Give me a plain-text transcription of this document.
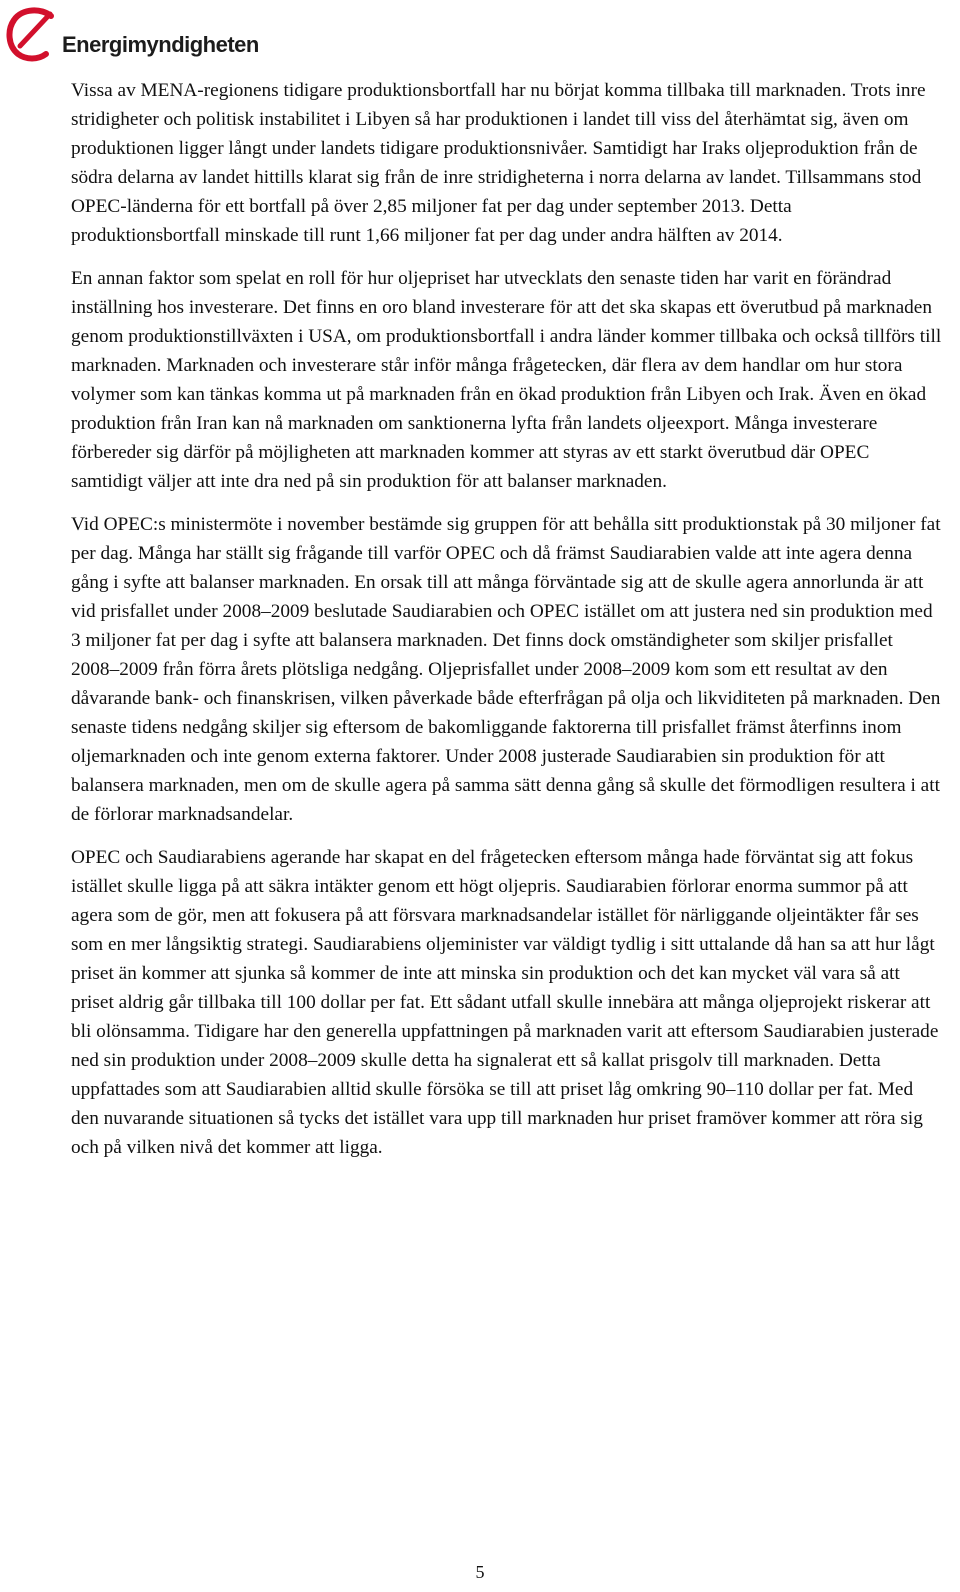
Energimyndigheten

Vissa av MENA-regionens tidigare produktionsbortfall har nu börjat komma tillbaka till marknaden. Trots inre stridigheter och politisk instabilitet i Libyen så har produktionen i landet till viss del återhämtat sig, även om produktionen ligger långt under landets tidigare produktionsnivåer. Samtidigt har Iraks oljeproduktion från de södra delarna av landet hittills klarat sig från de inre stridigheterna i norra delarna av landet. Tillsammans stod OPEC-länderna för ett bortfall på över 2,85 miljoner fat per dag under september 2013. Detta produktionsbortfall minskade till runt 1,66 miljoner fat per dag under andra hälften av 2014.

En annan faktor som spelat en roll för hur oljepriset har utvecklats den senaste tiden har varit en förändrad inställning hos investerare. Det finns en oro bland investerare för att det ska skapas ett överutbud på marknaden genom produktionstillväxten i USA, om produktionsbortfall i andra länder kommer tillbaka och också tillförs till marknaden. Marknaden och investerare står inför många frågetecken, där flera av dem handlar om hur stora volymer som kan tänkas komma ut på marknaden från en ökad produktion från Libyen och Irak. Även en ökad produktion från Iran kan nå marknaden om sanktionerna lyfta från landets oljeexport. Många investerare förbereder sig därför på möjligheten att marknaden kommer att styras av ett starkt överutbud där OPEC samtidigt väljer att inte dra ned på sin produktion för att balanser marknaden.

Vid OPEC:s ministermöte i november bestämde sig gruppen för att behålla sitt produktionstak på 30 miljoner fat per dag. Många har ställt sig frågande till varför OPEC och då främst Saudiarabien valde att inte agera denna gång i syfte att balanser marknaden. En orsak till att många förväntade sig att de skulle agera annorlunda är att vid prisfallet under 2008–2009 beslutade Saudiarabien och OPEC istället om att justera ned sin produktion med 3 miljoner fat per dag i syfte att balansera marknaden. Det finns dock omständigheter som skiljer prisfallet 2008–2009 från förra årets plötsliga nedgång. Oljeprisfallet under 2008–2009 kom som ett resultat av den dåvarande bank- och finanskrisen, vilken påverkade både efterfrågan på olja och likviditeten på marknaden. Den senaste tidens nedgång skiljer sig eftersom de bakomliggande faktorerna till prisfallet främst återfinns inom oljemarknaden och inte genom externa faktorer. Under 2008 justerade Saudiarabien sin produktion för att balansera marknaden, men om de skulle agera på samma sätt denna gång så skulle det förmodligen resultera i att de förlorar marknadsandelar.

OPEC och Saudiarabiens agerande har skapat en del frågetecken eftersom många hade förväntat sig att fokus istället skulle ligga på att säkra intäkter genom ett högt oljepris. Saudiarabien förlorar enorma summor på att agera som de gör, men att fokusera på att försvara marknadsandelar istället för närliggande oljeintäkter får ses som en mer långsiktig strategi. Saudiarabiens oljeminister var väldigt tydlig i sitt uttalande då han sa att hur lågt priset än kommer att sjunka så kommer de inte att minska sin produktion och det kan mycket väl vara så att priset aldrig går tillbaka till 100 dollar per fat. Ett sådant utfall skulle innebära att många oljeprojekt riskerar att bli olönsamma. Tidigare har den generella uppfattningen på marknaden varit att eftersom Saudiarabien justerade ned sin produktion under 2008–2009 skulle detta ha signalerat ett så kallat prisgolv till marknaden. Detta uppfattades som att Saudiarabien alltid skulle försöka se till att priset låg omkring 90–110 dollar per fat. Med den nuvarande situationen så tycks det istället vara upp till marknaden hur priset framöver kommer att röra sig och på vilken nivå det kommer att ligga.

5
